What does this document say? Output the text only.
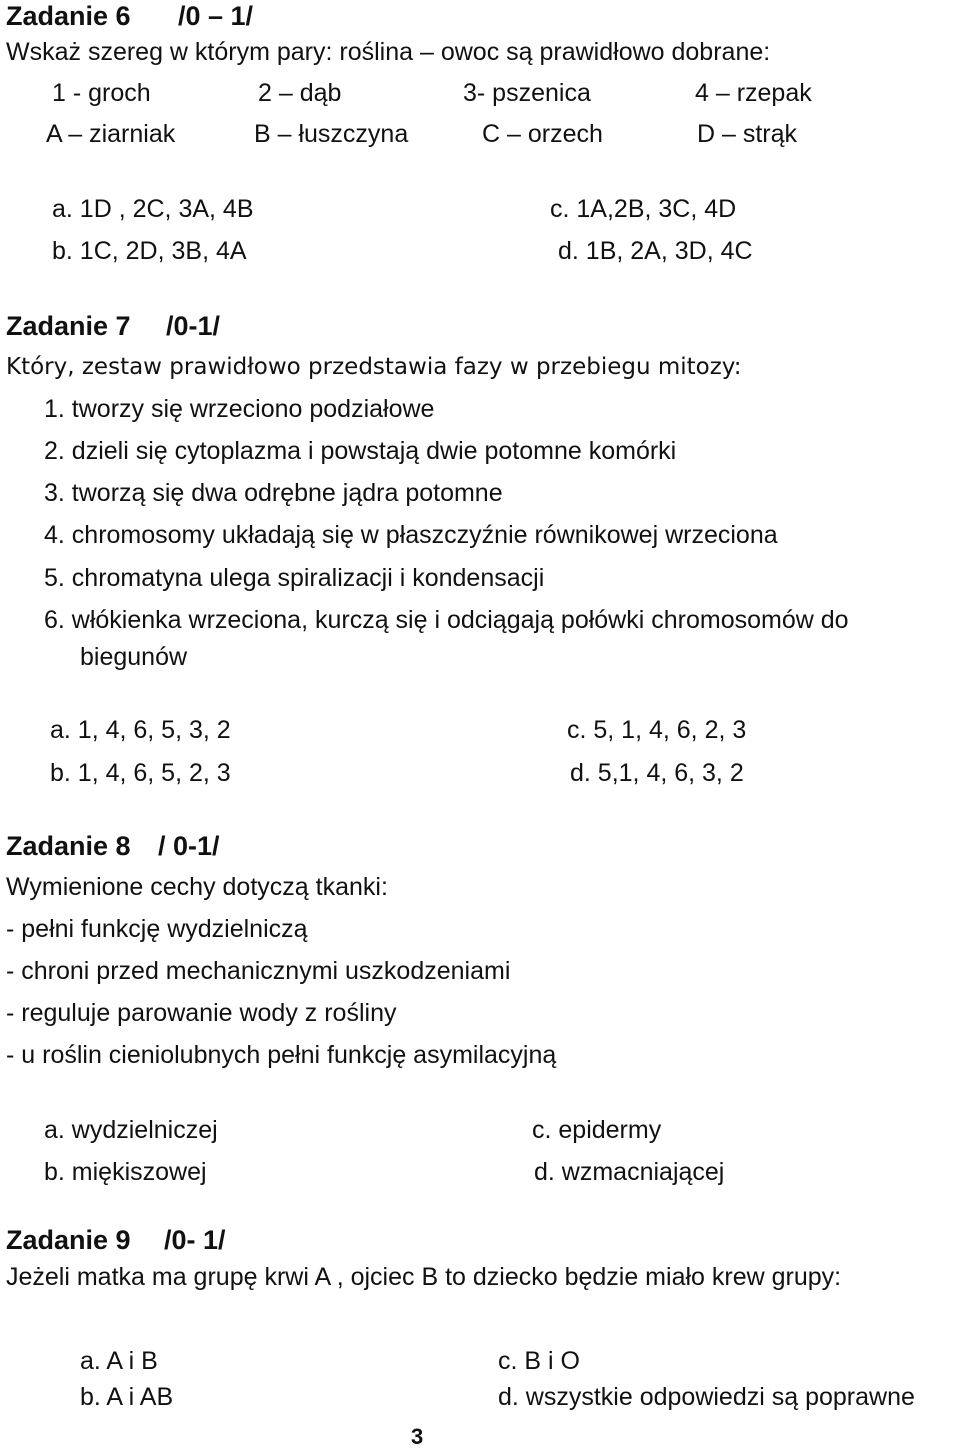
Zadanie 6 /0 – 1/
Wskaż szereg w którym pary: roślina – owoc są prawidłowo dobrane:
1 - groch	2 – dąb	3- pszenica	4 – rzepak
A – ziarniak	B – łuszczyna	C – orzech	D – strąk
a. 1D , 2C, 3A, 4B
b. 1C, 2D, 3B, 4A
c. 1A,2B, 3C, 4D
d. 1B, 2A, 3D, 4C
Zadanie 7 /0-1/
Który, zestaw prawidłowo przedstawia fazy w przebiegu mitozy:
1. tworzy się wrzeciono podziałowe
2. dzieli się cytoplazma i powstają dwie potomne komórki
3. tworzą się dwa odrębne jądra potomne
4. chromosomy układają się w płaszczyźnie równikowej wrzeciona
5. chromatyna ulega spiralizacji i kondensacji
6. włókienka wrzeciona, kurczą się i odciągają połówki chromosomów do
biegunów
a. 1, 4, 6, 5, 3, 2
b. 1, 4, 6, 5, 2, 3
c. 5, 1, 4, 6, 2, 3
d. 5,1, 4, 6, 3, 2
Zadanie 8 / 0-1/
Wymienione cechy dotyczą tkanki:
- pełni funkcję wydzielniczą
- chroni przed mechanicznymi uszkodzeniami
- reguluje parowanie wody z rośliny
- u roślin cieniolubnych pełni funkcję asymilacyjną
a. wydzielniczej
b. miękiszowej
c. epidermy
d. wzmacniającej
Zadanie 9 /0- 1/
Jeżeli matka ma grupę krwi A , ojciec B to dziecko będzie miało krew grupy:
a. A i B
b. A i AB
c. B i O
d. wszystkie odpowiedzi są poprawne
3
